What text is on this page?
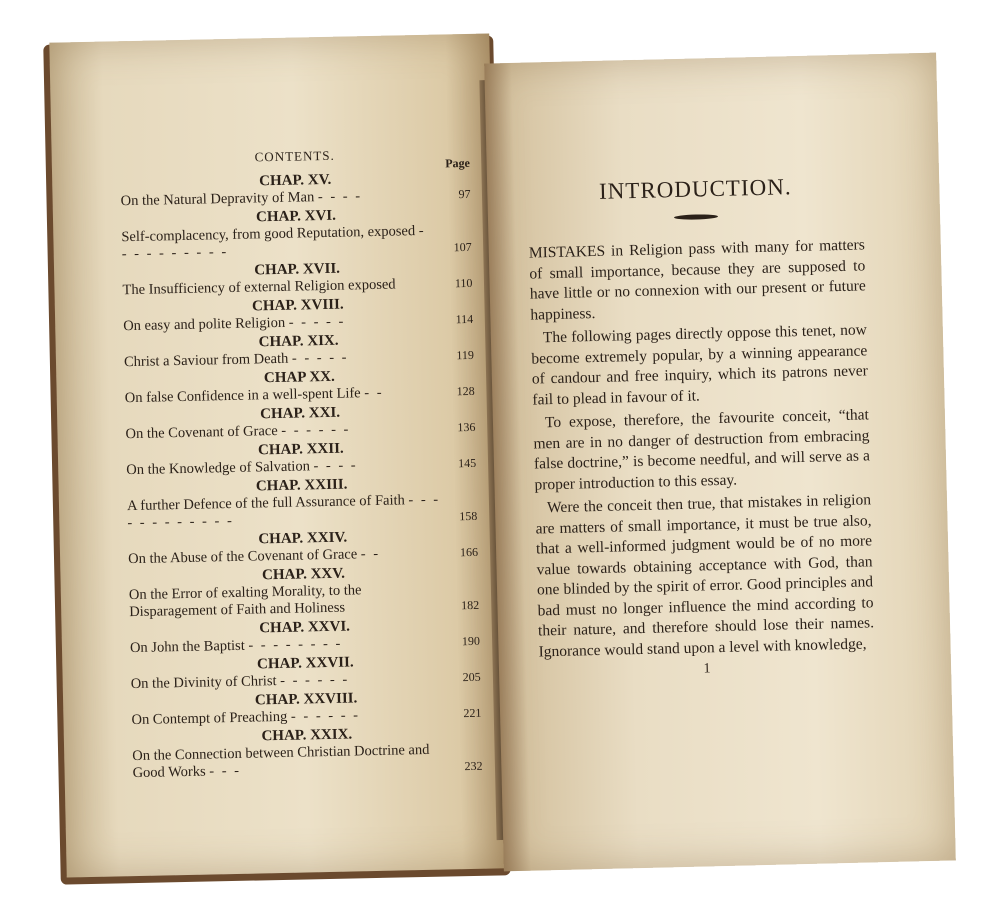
CONTENTS.
CHAP. XV.
Page
On the Natural Depravity of Man - - - -	97
CHAP. XVI.
Self-complacency, from good Reputation, exposed - - - - - - - - - -	107
CHAP. XVII.
The Insufficiency of external Religion exposed	110
CHAP. XVIII.
On easy and polite Religion - - - - -	114
CHAP. XIX.
Christ a Saviour from Death - - - - -	119
CHAP XX.
On false Confidence in a well-spent Life - -	128
CHAP. XXI.
On the Covenant of Grace - - - - - -	136
CHAP. XXII.
On the Knowledge of Salvation - - - -	145
CHAP. XXIII.
A further Defence of the full Assurance of Faith - - - - - - - - - - - -	158
CHAP. XXIV.
On the Abuse of the Covenant of Grace - -	166
CHAP. XXV.
On the Error of exalting Morality, to the Disparagement of Faith and Holiness	182
CHAP. XXVI.
On John the Baptist - - - - - - - -	190
CHAP. XXVII.
On the Divinity of Christ - - - - - -	205
CHAP. XXVIII.
On Contempt of Preaching - - - - - -	221
CHAP. XXIX.
On the Connection between Christian Doctrine and Good Works - - -	232
INTRODUCTION.

MISTAKES in Religion pass with many for matters of small importance, because they are supposed to have little or no connexion with our present or future happiness.

The following pages directly oppose this tenet, now become extremely popular, by a winning appearance of candour and free inquiry, which its patrons never fail to plead in favour of it.

To expose, therefore, the favourite conceit, “that men are in no danger of destruction from embracing false doctrine,” is become needful, and will serve as a proper introduction to this essay.

Were the conceit then true, that mistakes in religion are matters of small importance, it must be true also, that a well-informed judgment would be of no more value towards obtaining acceptance with God, than one blinded by the spirit of error. Good principles and bad must no longer influence the mind according to their nature, and therefore should lose their names. Ignorance would stand upon a level with knowledge,

1
